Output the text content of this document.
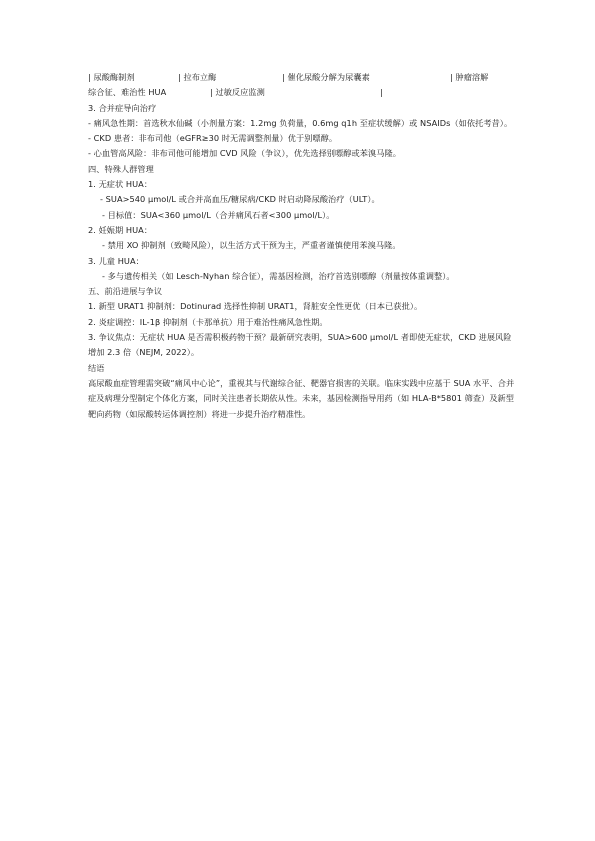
| 尿酸酶制剂	| 拉布立酶	| 催化尿酸分解为尿囊素	| 肿瘤溶解
综合征、难治性 HUA	| 过敏反应监测	|
3. 合并症导向治疗
- 痛风急性期：首选秋水仙碱（小剂量方案：1.2mg 负荷量，0.6mg q1h 至症状缓解）或 NSAIDs（如依托考昔）。
- CKD 患者：非布司他（eGFR≥30 时无需调整剂量）优于别嘌醇。
- 心血管高风险：非布司他可能增加 CVD 风险（争议），优先选择别嘌醇或苯溴马隆。
四、特殊人群管理
1. 无症状 HUA：
- SUA>540 μmol/L 或合并高血压/糖尿病/CKD 时启动降尿酸治疗（ULT）。
- 目标值：SUA<360 μmol/L（合并痛风石者<300 μmol/L）。
2. 妊娠期 HUA：
- 禁用 XO 抑制剂（致畸风险），以生活方式干预为主，严重者谨慎使用苯溴马隆。
3. 儿童 HUA：
- 多与遗传相关（如 Lesch-Nyhan 综合征），需基因检测，治疗首选别嘌醇（剂量按体重调整）。
五、前沿进展与争议
1. 新型 URAT1 抑制剂：Dotinurad 选择性抑制 URAT1，肾脏安全性更优（日本已获批）。
2. 炎症调控：IL-1β 抑制剂（卡那单抗）用于难治性痛风急性期。
3. 争议焦点：无症状 HUA 是否需积极药物干预？最新研究表明，SUA>600 μmol/L 者即使无症状，CKD 进展风险增加 2.3 倍（NEJM, 2022）。
结语
高尿酸血症管理需突破“痛风中心论”，重视其与代谢综合征、靶器官损害的关联。临床实践中应基于 SUA 水平、合并症及病理分型制定个体化方案，同时关注患者长期依从性。未来，基因检测指导用药（如 HLA-B*5801 筛查）及新型靶向药物（如尿酸转运体调控剂）将进一步提升治疗精准性。
